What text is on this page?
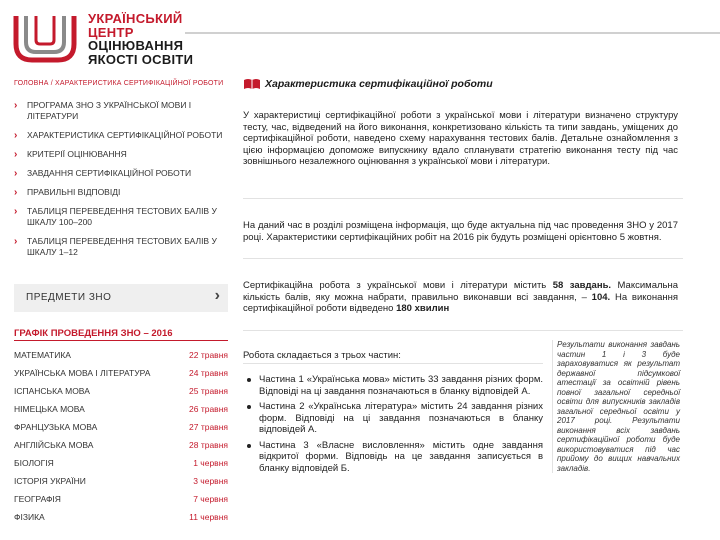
УКРАЇНСЬКИЙ
ЦЕНТР
ОЦІНЮВАННЯ
ЯКОСТІ ОСВІТИ
ГОЛОВНА / ХАРАКТЕРИСТИКА СЕРТИФІКАЦІЙНОЇ РОБОТИ
› ПРОГРАМА ЗНО З УКРАЇНСЬКОЇ МОВИ І ЛІТЕРАТУРИ
› ХАРАКТЕРИСТИКА СЕРТИФІКАЦІЙНОЇ РОБОТИ
› КРИТЕРІЇ ОЦІНЮВАННЯ
› ЗАВДАННЯ СЕРТИФІКАЦІЙНОЇ РОБОТИ
› ПРАВИЛЬНІ ВІДПОВІДІ
› ТАБЛИЦЯ ПЕРЕВЕДЕННЯ ТЕСТОВИХ БАЛІВ У ШКАЛУ 100–200
› ТАБЛИЦЯ ПЕРЕВЕДЕННЯ ТЕСТОВИХ БАЛІВ У ШКАЛУ 1–12
ПРЕДМЕТИ ЗНО	›
ГРАФІК ПРОВЕДЕННЯ ЗНО – 2016
МАТЕМАТИКА	22 травня
УКРАЇНСЬКА МОВА І ЛІТЕРАТУРА	24 травня
ІСПАНСЬКА МОВА	25 травня
НІМЕЦЬКА МОВА	26 травня
ФРАНЦУЗЬКА МОВА	27 травня
АНГЛІЙСЬКА МОВА	28 травня
БІОЛОГІЯ	1 червня
ІСТОРІЯ УКРАЇНИ	3 червня
ГЕОГРАФІЯ	7 червня
ФІЗИКА	11 червня
Характеристика сертифікаційної роботи
У характеристиці сертифікаційної роботи з української мови і літератури визначено структуру тесту, час, відведений на його виконання, конкретизовано кількість та типи завдань, уміщених до сертифікаційної роботи, наведено схему нарахування тестових балів. Детальне ознайомлення з цією інформацією допоможе випускнику вдало спланувати стратегію виконання тесту під час зовнішнього незалежного оцінювання з української мови і літератури.
На даний час в розділі розміщена інформація, що буде актуальна під час проведення ЗНО у 2017 році. Характеристики сертифікаційних робіт на 2016 рік будуть розміщені орієнтовно 5 жовтня.
Сертифікаційна робота з української мови і літератури містить 58 завдань. Максимальна кількість балів, яку можна набрати, правильно виконавши всі завдання, – 104. На виконання сертифікаційної роботи відведено 180 хвилин
Робота складається з трьох частин:
Частина 1 «Українська мова» містить 33 завдання різних форм. Відповіді на ці завдання позначаються в бланку відповідей А.
Частина 2 «Українська література» містить 24 завдання різних форм. Відповіді на ці завдання позначаються в бланку відповідей А.
Частина 3 «Власне висловлення» містить одне завдання відкритої форми. Відповідь на це завдання записується в бланку відповідей Б.
Результати виконання завдань частин 1 і 3 буде зараховуватися як результат державної підсумкової атестації за освітній рівень повної загальної середньої освіти для випускників закладів загальної середньої освіти у 2017 році. Результати виконання всіх завдань сертифікаційної роботи буде використовуватися під час прийому до вищих навчальних закладів.
